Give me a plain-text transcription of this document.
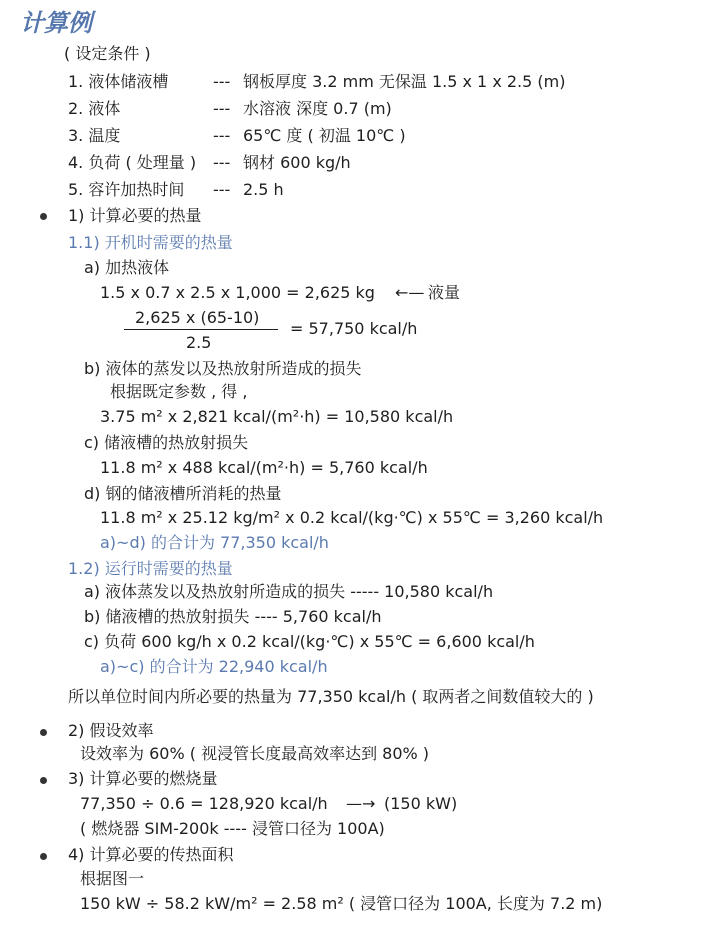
计算例
( 设定条件 )
1. 液体储液槽	--- 钢板厚度 3.2 mm 无保温 1.5 x 1 x 2.5 (m)
2. 液体	--- 水溶液 深度 0.7 (m)
3. 温度	--- 65℃ 度 ( 初温 10℃ )
4. 负荷 ( 处理量 ) --- 钢材 600 kg/h
5. 容许加热时间 --- 2.5 h
1) 计算必要的热量
1.1) 开机时需要的热量
a) 加热液体
1.5 x 0.7 x 2.5 x 1,000 = 2,625 kg ←— 液量
2,625 x (65-10)
2.5
= 57,750 kcal/h
b) 液体的蒸发以及热放射所造成的损失
根据既定参数 , 得 ,
3.75 m² x 2,821 kcal/(m²·h) = 10,580 kcal/h
c) 储液槽的热放射损失
11.8 m² x 488 kcal/(m²·h) = 5,760 kcal/h
d) 钢的储液槽所消耗的热量
11.8 m² x 25.12 kg/m² x 0.2 kcal/(kg·℃) x 55℃ = 3,260 kcal/h
a)~d) 的合计为 77,350 kcal/h
1.2) 运行时需要的热量
a) 液体蒸发以及热放射所造成的损失 ----- 10,580 kcal/h
b) 储液槽的热放射损失 ---- 5,760 kcal/h
c) 负荷 600 kg/h x 0.2 kcal/(kg·℃) x 55℃ = 6,600 kcal/h
a)~c) 的合计为 22,940 kcal/h
所以单位时间内所必要的热量为 77,350 kcal/h ( 取两者之间数值较大的 )
2) 假设效率
设效率为 60% ( 视浸管长度最高效率达到 80% )
3) 计算必要的燃烧量
77,350 ÷ 0.6 = 128,920 kcal/h —→ (150 kW)
( 燃烧器 SIM-200k ---- 浸管口径为 100A)
4) 计算必要的传热面积
根据图一
150 kW ÷ 58.2 kW/m² = 2.58 m² ( 浸管口径为 100A, 长度为 7.2 m)
